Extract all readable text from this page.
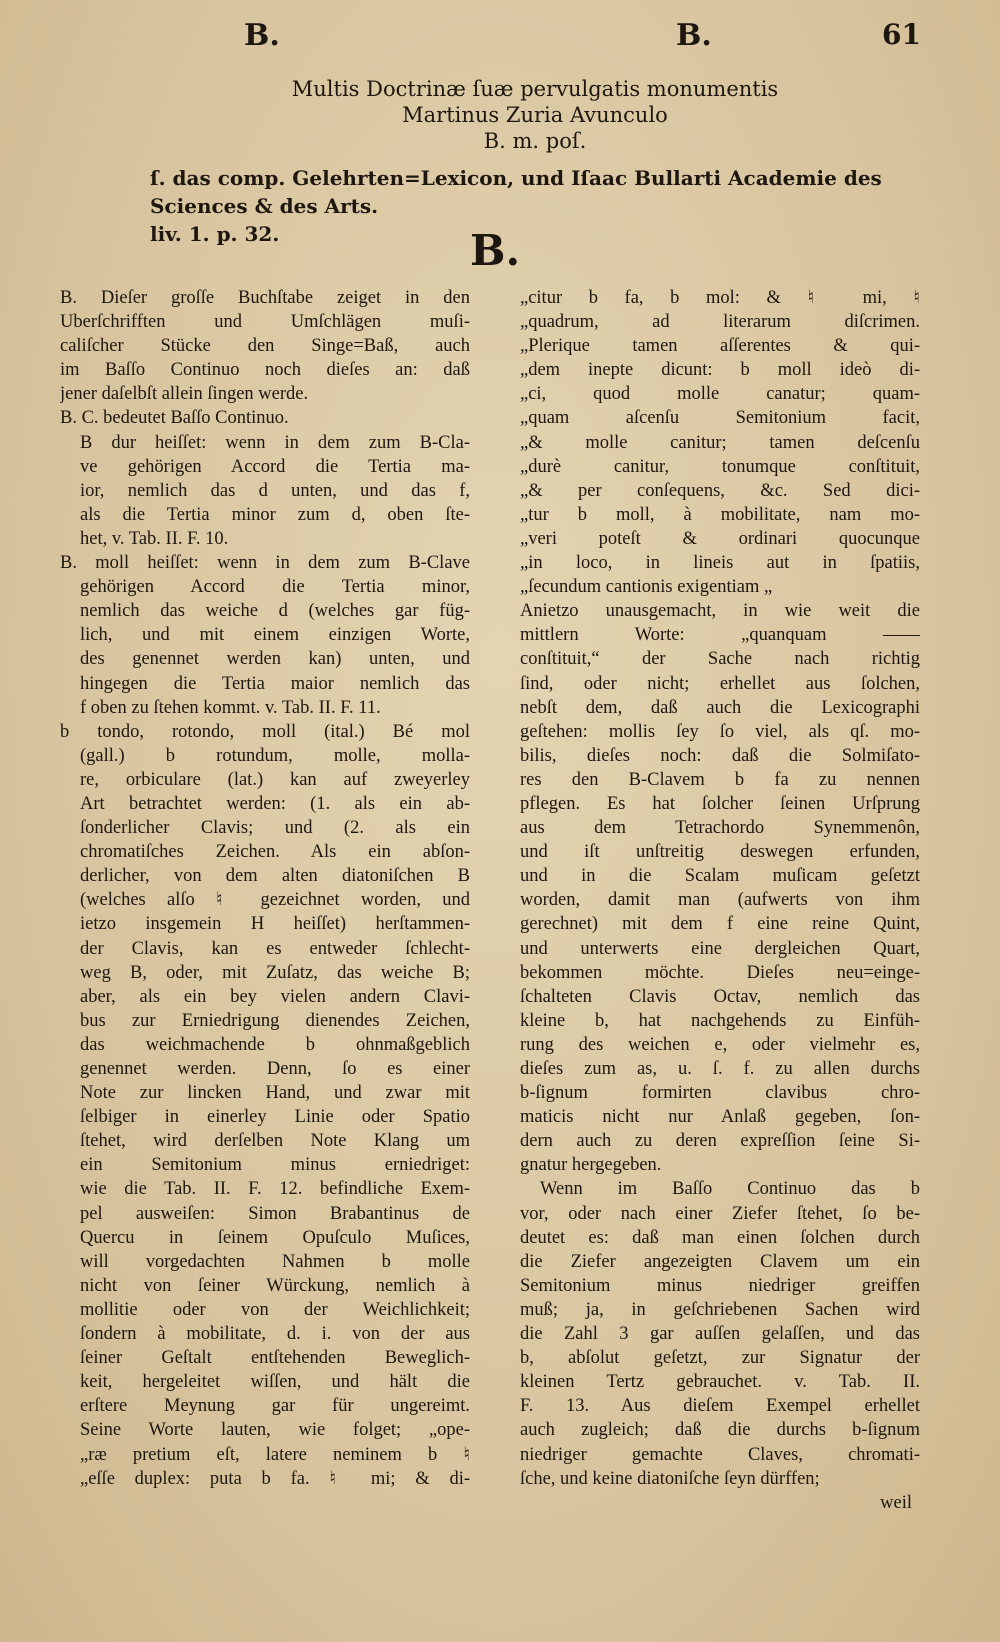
B.	B.	61
Multis Doctrinæ ſuæ pervulgatis monumentis
Martinus Zuria Avunculo
B. m. poſ.
ſ. das comp. Gelehrten=Lexicon, und Iſaac Bullarti Academie des Sciences & des Arts.
liv. 1. p. 32.	B.
B. Dieſer groſſe Buchſtabe zeiget in den
Uberſchrifften und Umſchlägen muſi-
caliſcher Stücke den Singe=Baß, auch
im Baſſo Continuo noch dieſes an: daß
jener daſelbſt allein ſingen werde.
B. C. bedeutet Baſſo Continuo.
B dur heiſſet: wenn in dem zum B-Cla-
ve gehörigen Accord die Tertia ma-
ior, nemlich das d unten, und das f,
als die Tertia minor zum d, oben ſte-
het, v. Tab. II. F. 10.
B. moll heiſſet: wenn in dem zum B-Clave
gehörigen Accord die Tertia minor,
nemlich das weiche d (welches gar füg-
lich, und mit einem einzigen Worte,
des genennet werden kan) unten, und
hingegen die Tertia maior nemlich das
f oben zu ſtehen kommt. v. Tab. II. F. 11.
b tondo, rotondo, moll (ital.) Bé mol
(gall.) b rotundum, molle, molla-
re, orbiculare (lat.) kan auf zweyerley
Art betrachtet werden: (1. als ein ab-
ſonderlicher Clavis; und (2. als ein
chromatiſches Zeichen. Als ein abſon-
derlicher, von dem alten diatoniſchen B
(welches alſo ♮ gezeichnet worden, und
ietzo insgemein H heiſſet) herſtammen-
der Clavis, kan es entweder ſchlecht-
weg B, oder, mit Zuſatz, das weiche B;
aber, als ein bey vielen andern Clavi-
bus zur Erniedrigung dienendes Zeichen,
das weichmachende b ohnmaßgeblich
genennet werden. Denn, ſo es einer
Note zur lincken Hand, und zwar mit
ſelbiger in einerley Linie oder Spatio
ſtehet, wird derſelben Note Klang um
ein Semitonium minus erniedriget:
wie die Tab. II. F. 12. befindliche Exem-
pel ausweiſen: Simon Brabantinus de
Quercu in ſeinem Opuſculo Muſices,
will vorgedachten Nahmen b molle
nicht von ſeiner Würckung, nemlich à
mollitie oder von der Weichlichkeit;
ſondern à mobilitate, d. i. von der aus
ſeiner Geſtalt entſtehenden Beweglich-
keit, hergeleitet wiſſen, und hält die
erſtere Meynung gar für ungereimt.
Seine Worte lauten, wie folget; „ope-
„ræ pretium eſt, latere neminem b ♮
„eſſe duplex: puta b fa. ♮ mi; & di-
„citur b fa, b mol: & ♮ mi, ♮
„quadrum, ad literarum diſcrimen.
„Plerique tamen aſſerentes & qui-
„dem inepte dicunt: b moll ideò di-
„ci, quod molle canatur; quam-
„quam aſcenſu Semitonium facit,
„& molle canitur; tamen deſcenſu
„durè canitur, tonumque conſtituit,
„& per conſequens, &c. Sed dici-
„tur b moll, à mobilitate, nam mo-
„veri poteſt & ordinari quocunque
„in loco, in lineis aut in ſpatiis,
„ſecundum cantionis exigentiam „
Anietzo unausgemacht, in wie weit die
mittlern Worte: „quanquam ——
conſtituit,“ der Sache nach richtig
ſind, oder nicht; erhellet aus ſolchen,
nebſt dem, daß auch die Lexicographi
geſtehen: mollis ſey ſo viel, als qſ. mo-
bilis, dieſes noch: daß die Solmiſato-
res den B-Clavem b fa zu nennen
pflegen. Es hat ſolcher ſeinen Urſprung
aus dem Tetrachordo Synemmenôn,
und iſt unſtreitig deswegen erfunden,
und in die Scalam muſicam geſetzt
worden, damit man (aufwerts von ihm
gerechnet) mit dem f eine reine Quint,
und unterwerts eine dergleichen Quart,
bekommen möchte. Dieſes neu=einge-
ſchalteten Clavis Octav, nemlich das
kleine b, hat nachgehends zu Einfüh-
rung des weichen e, oder vielmehr es,
dieſes zum as, u. ſ. f. zu allen durchs
b-ſignum formirten clavibus chro-
maticis nicht nur Anlaß gegeben, ſon-
dern auch zu deren expreſſion ſeine Si-
gnatur hergegeben.
Wenn im Baſſo Continuo das b
vor, oder nach einer Ziefer ſtehet, ſo be-
deutet es: daß man einen ſolchen durch
die Ziefer angezeigten Clavem um ein
Semitonium minus niedriger greiffen
muß; ja, in geſchriebenen Sachen wird
die Zahl 3 gar auſſen gelaſſen, und das
b, abſolut geſetzt, zur Signatur der
kleinen Tertz gebrauchet. v. Tab. II.
F. 13. Aus dieſem Exempel erhellet
auch zugleich; daß die durchs b-ſignum
niedriger gemachte Claves, chromati-
ſche, und keine diatoniſche ſeyn dürffen;
weil
